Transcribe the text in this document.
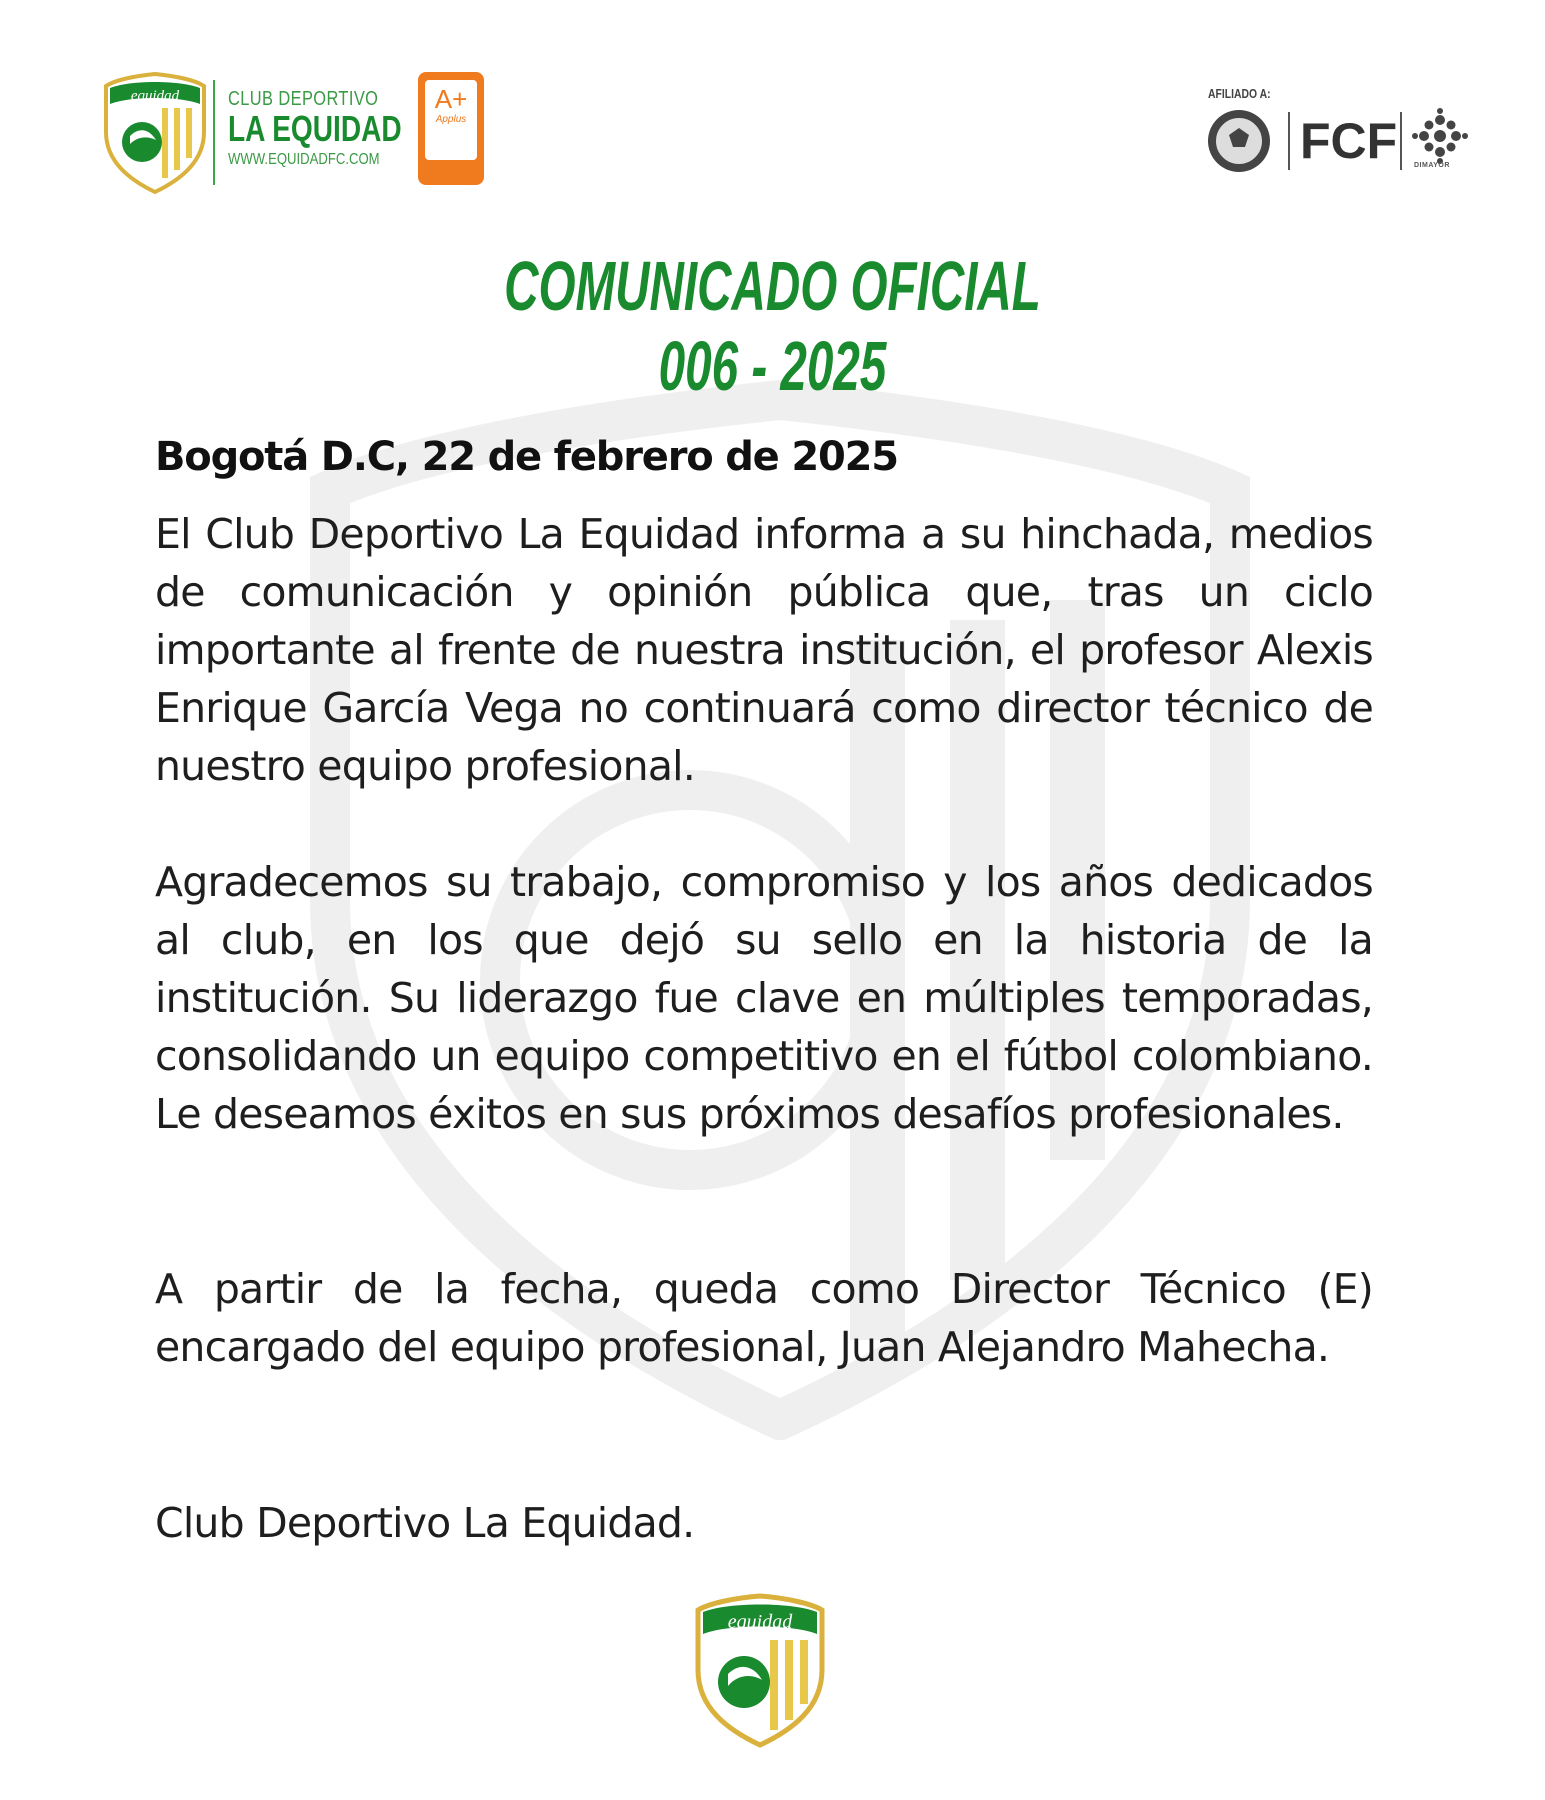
equidad CLUB DEPORTIVO
LA EQUIDAD
WWW.EQUIDADFC.COM
A+
Applus
AFILIADO A:
FCF DIMAYOR
COMUNICADO OFICIAL
006 - 2025
Bogotá D.C, 22 de febrero de 2025
El Club Deportivo La Equidad informa a su hinchada, medios de comunicación y opinión pública que, tras un ciclo importante al frente de nuestra institución, el profesor Alexis Enrique García Vega no continuará como director técnico de nuestro equipo profesional.
Agradecemos su trabajo, compromiso y los años dedicados al club, en los que dejó su sello en la historia de la institución. Su liderazgo fue clave en múltiples temporadas, consolidando un equipo competitivo en el fútbol colombiano. Le deseamos éxitos en sus próximos desafíos profesionales.
A partir de la fecha, queda como Director Técnico (E) encargado del equipo profesional, Juan Alejandro Mahecha.
Club Deportivo La Equidad.
equidad
